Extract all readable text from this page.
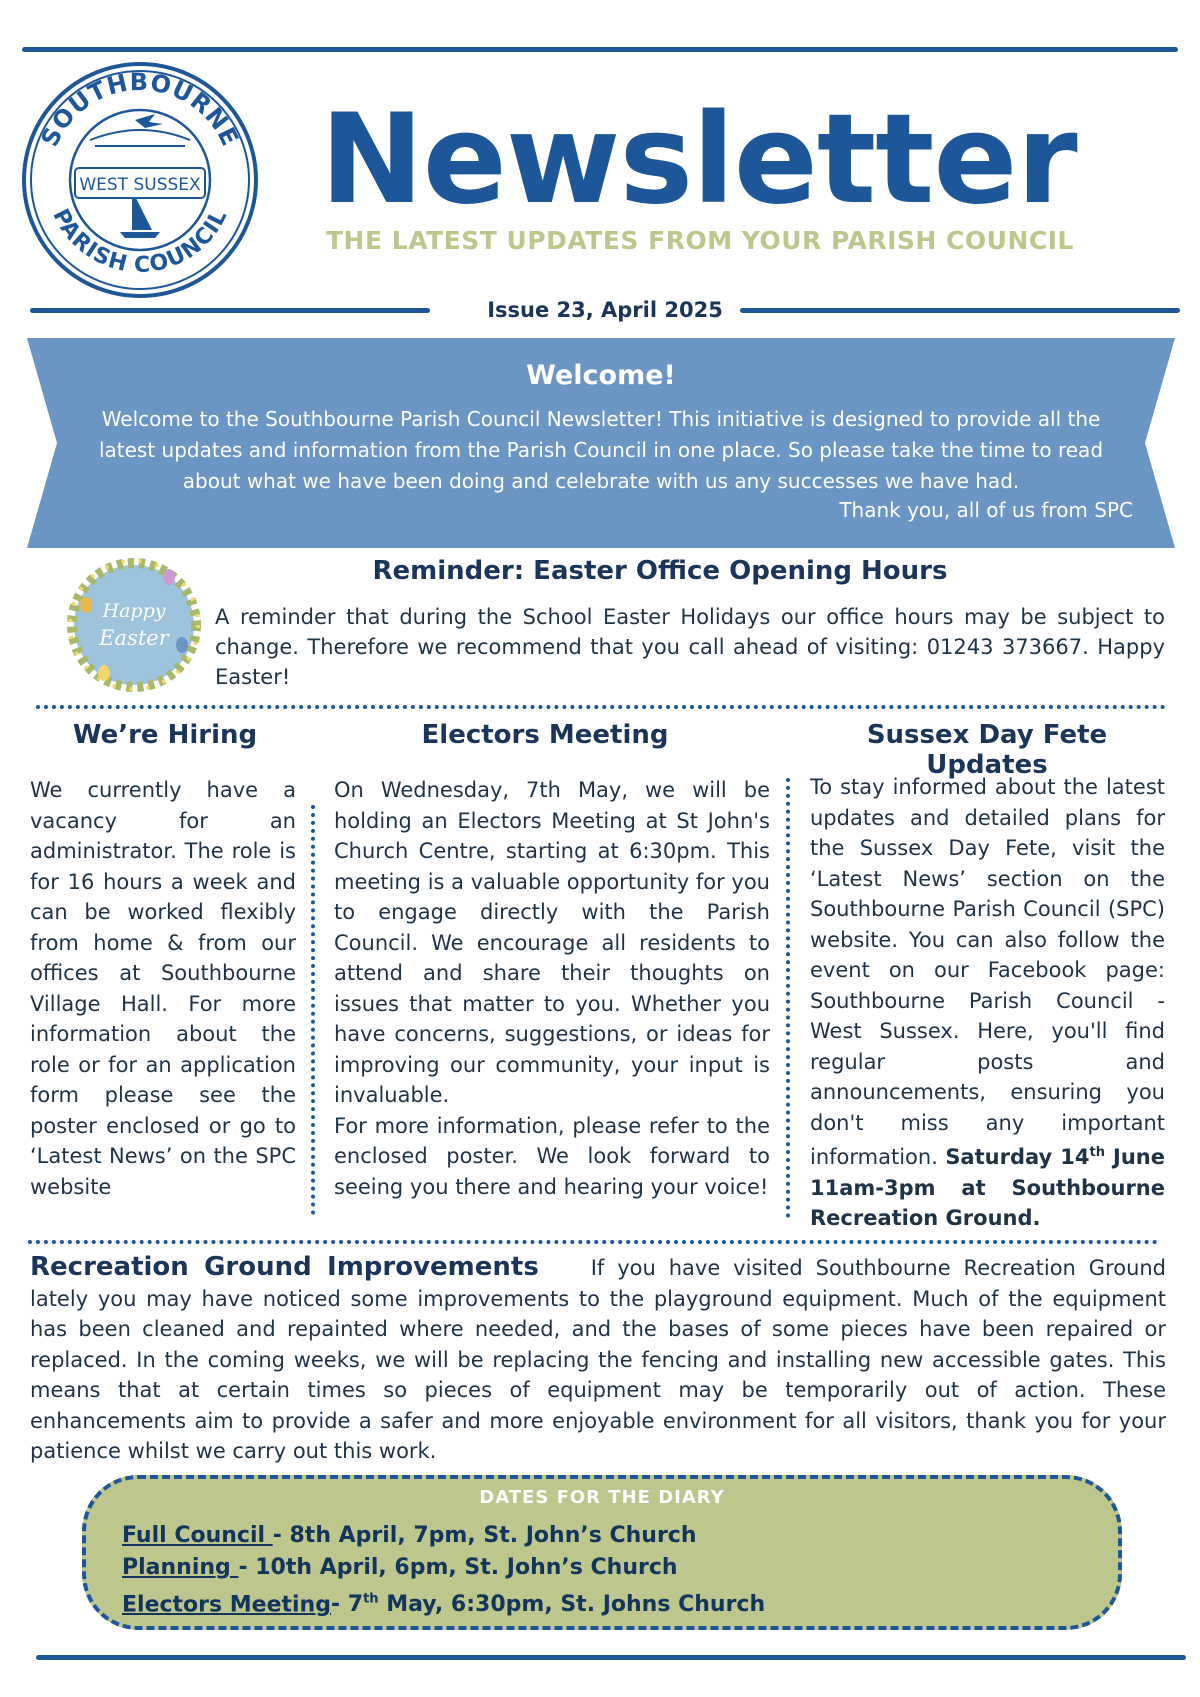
WEST SUSSEX
SOUTHBOURNE
PARISH COUNCIL Newsletter
THE LATEST UPDATES FROM YOUR PARISH COUNCIL
Issue 23, April 2025
Welcome!
Welcome to the Southbourne Parish Council Newsletter! This initiative is designed to provide all the latest updates and information from the Parish Council in one place. So please take the time to read about what we have been doing and celebrate with us any successes we have had.
Thank you, all of us from SPC
Happy
Easter
Reminder: Easter Office Opening Hours
A reminder that during the School Easter Holidays our office hours may be subject to change. Therefore we recommend that you call ahead of visiting: 01243 373667. Happy Easter!
We’re Hiring
We currently have a vacancy for an administrator. The role is for 16 hours a week and can be worked flexibly from home & from our offices at Southbourne Village Hall. For more information about the role or for an application form please see the poster enclosed or go to ‘Latest News’ on the SPC website
Electors Meeting
On Wednesday, 7th May, we will be holding an Electors Meeting at St John's Church Centre, starting at 6:30pm. This meeting is a valuable opportunity for you to engage directly with the Parish Council. We encourage all residents to attend and share their thoughts on issues that matter to you. Whether you have concerns, suggestions, or ideas for improving our community, your input is invaluable.
For more information, please refer to the enclosed poster. We look forward to seeing you there and hearing your voice!
Sussex Day Fete Updates
To stay informed about the latest updates and detailed plans for the Sussex Day Fete, visit the ‘Latest News’ section on the Southbourne Parish Council (SPC) website. You can also follow the event on our Facebook page: Southbourne Parish Council - West Sussex. Here, you'll find regular posts and announcements, ensuring you don't miss any important information. Saturday 14th June 11am-3pm at Southbourne Recreation Ground.
Recreation Ground Improvements If you have visited Southbourne Recreation Ground lately you may have noticed some improvements to the playground equipment. Much of the equipment has been cleaned and repainted where needed, and the bases of some pieces have been repaired or replaced. In the coming weeks, we will be replacing the fencing and installing new accessible gates. This means that at certain times so pieces of equipment may be temporarily out of action. These enhancements aim to provide a safer and more enjoyable environment for all visitors, thank you for your patience whilst we carry out this work.
DATES FOR THE DIARY
Full Council - 8th April, 7pm, St. John’s Church
Planning - 10th April, 6pm, St. John’s Church
Electors Meeting- 7th May, 6:30pm, St. Johns Church
